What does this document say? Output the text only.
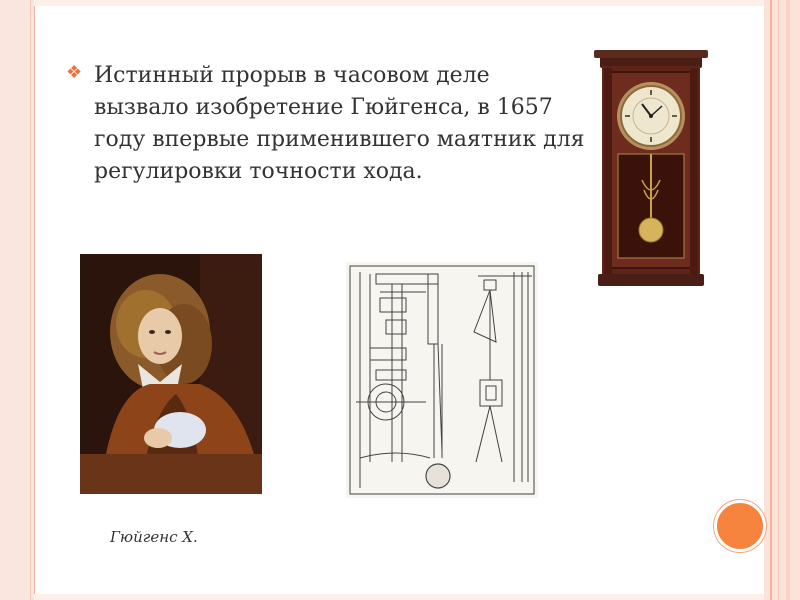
❖ Истинный прорыв в часовом деле вызвало изобретение Гюйгенса, в 1657 году впервые применившего маятник для регулировки точности хода.
Гюйгенс Х.
